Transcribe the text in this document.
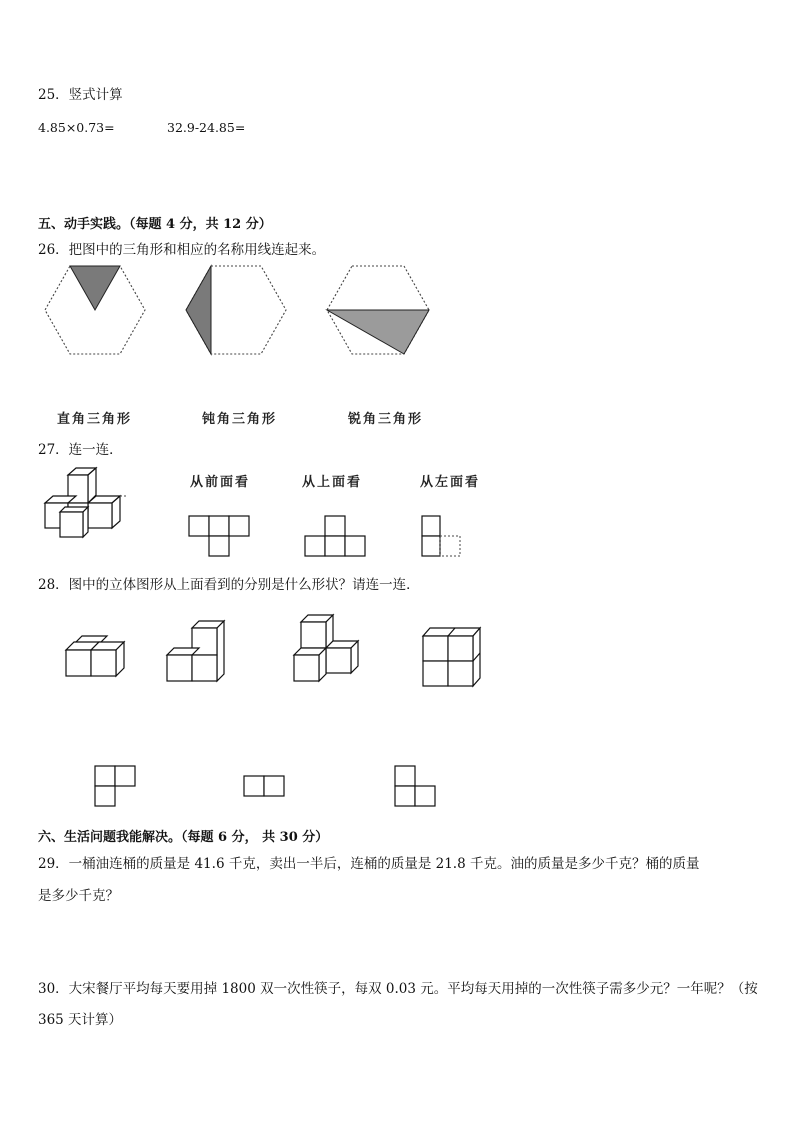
25．竖式计算
4.85×0.73=	32.9-24.85=
五、动手实践。（每题 4 分，共 12 分）
26．把图中的三角形和相应的名称用线连起来。
直角三角形	钝角三角形	锐角三角形
27．连一连．
从前面看	从上面看	从左面看
28．图中的立体图形从上面看到的分别是什么形状？请连一连．
六、生活问题我能解决。（每题 6 分， 共 30 分）
29．一桶油连桶的质量是 41.6 千克，卖出一半后，连桶的质量是 21.8 千克。油的质量是多少千克？桶的质量
是多少千克？
30．大宋餐厅平均每天要用掉 1800 双一次性筷子，每双 0.03 元。平均每天用掉的一次性筷子需多少元？一年呢？（按
365 天计算）
